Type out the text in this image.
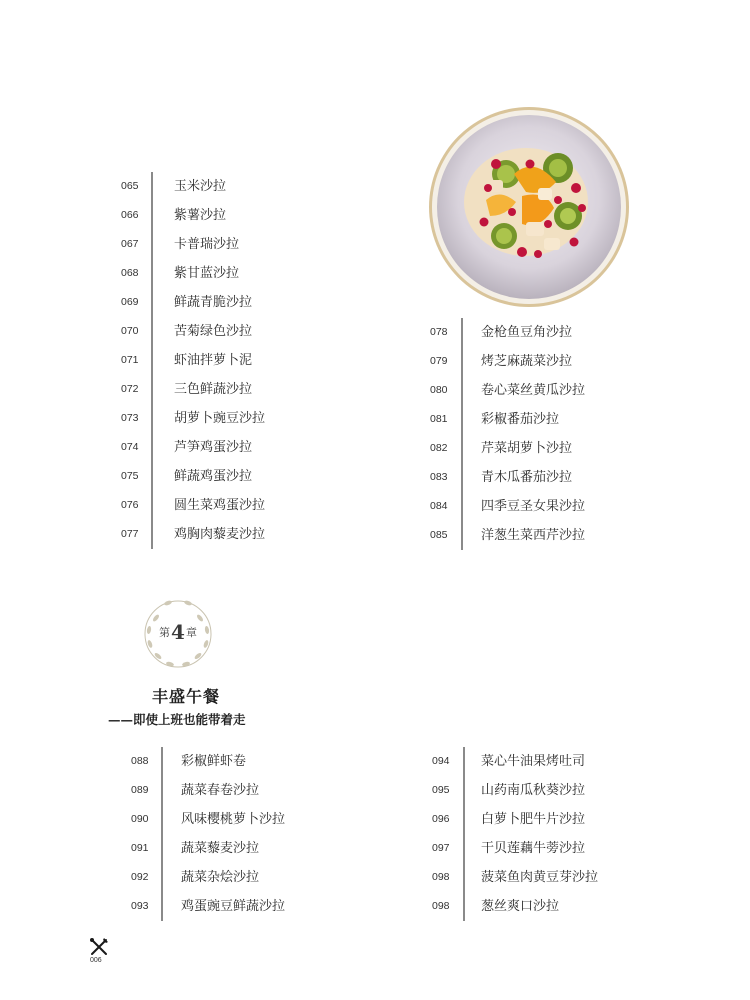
065	玉米沙拉
066	紫薯沙拉
067	卡普瑞沙拉
068	紫甘蓝沙拉
069	鲜蔬青脆沙拉
070	苦菊绿色沙拉
071	虾油拌萝卜泥
072	三色鲜蔬沙拉
073	胡萝卜豌豆沙拉
074	芦笋鸡蛋沙拉
075	鲜蔬鸡蛋沙拉
076	圆生菜鸡蛋沙拉
077	鸡胸肉藜麦沙拉
078	金枪鱼豆角沙拉
079	烤芝麻蔬菜沙拉
080	卷心菜丝黄瓜沙拉
081	彩椒番茄沙拉
082	芹菜胡萝卜沙拉
083	青木瓜番茄沙拉
084	四季豆圣女果沙拉
085	洋葱生菜西芹沙拉
第4章
丰盛午餐
——即使上班也能带着走
088 彩椒鲜虾卷
089 蔬菜春卷沙拉
090 风味樱桃萝卜沙拉
091 蔬菜藜麦沙拉
092 蔬菜杂烩沙拉
093 鸡蛋豌豆鲜蔬沙拉
094 菜心牛油果烤吐司
095 山药南瓜秋葵沙拉
096 白萝卜肥牛片沙拉
097 干贝莲藕牛蒡沙拉
098 菠菜鱼肉黄豆芽沙拉
098 葱丝爽口沙拉
006
